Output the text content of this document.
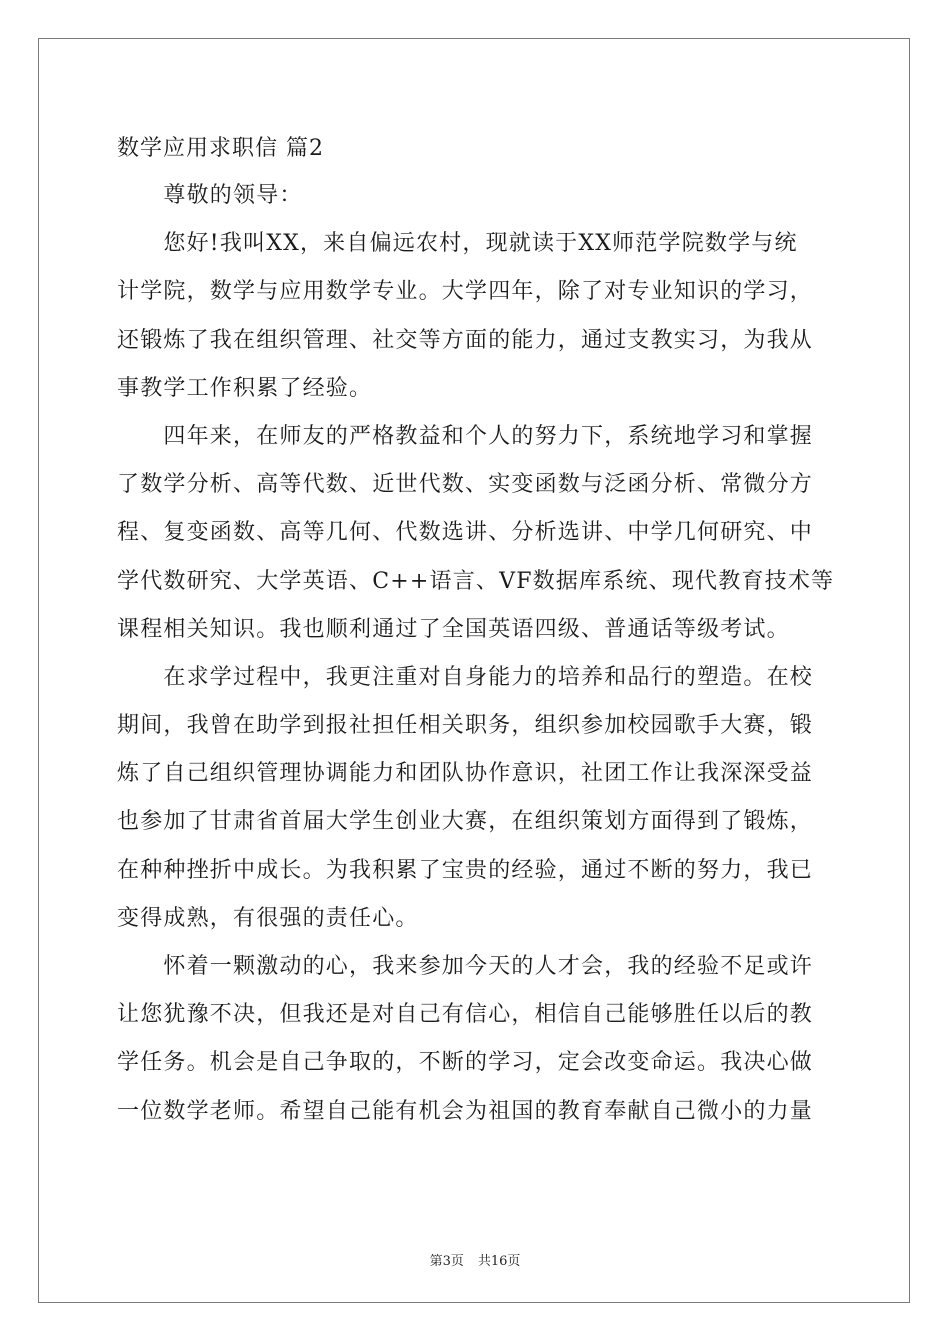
数学应用求职信 篇2
　　尊敬的领导：
　　您好!我叫XX，来自偏远农村，现就读于XX师范学院数学与统
计学院，数学与应用数学专业。大学四年，除了对专业知识的学习，
还锻炼了我在组织管理、社交等方面的能力，通过支教实习，为我从
事教学工作积累了经验。
　　四年来，在师友的严格教益和个人的努力下，系统地学习和掌握
了数学分析、高等代数、近世代数、实变函数与泛函分析、常微分方
程、复变函数、高等几何、代数选讲、分析选讲、中学几何研究、中
学代数研究、大学英语、C++语言、VF数据库系统、现代教育技术等
课程相关知识。我也顺利通过了全国英语四级、普通话等级考试。
　　在求学过程中，我更注重对自身能力的培养和品行的塑造。在校
期间，我曾在助学到报社担任相关职务，组织参加校园歌手大赛，锻
炼了自己组织管理协调能力和团队协作意识，社团工作让我深深受益
也参加了甘肃省首届大学生创业大赛，在组织策划方面得到了锻炼，
在种种挫折中成长。为我积累了宝贵的经验，通过不断的努力，我已
变得成熟，有很强的责任心。
　　怀着一颗激动的心，我来参加今天的人才会，我的经验不足或许
让您犹豫不决，但我还是对自己有信心，相信自己能够胜任以后的教
学任务。机会是自己争取的，不断的学习，定会改变命运。我决心做
一位数学老师。希望自己能有机会为祖国的教育奉献自己微小的力量
第3页 共16页
